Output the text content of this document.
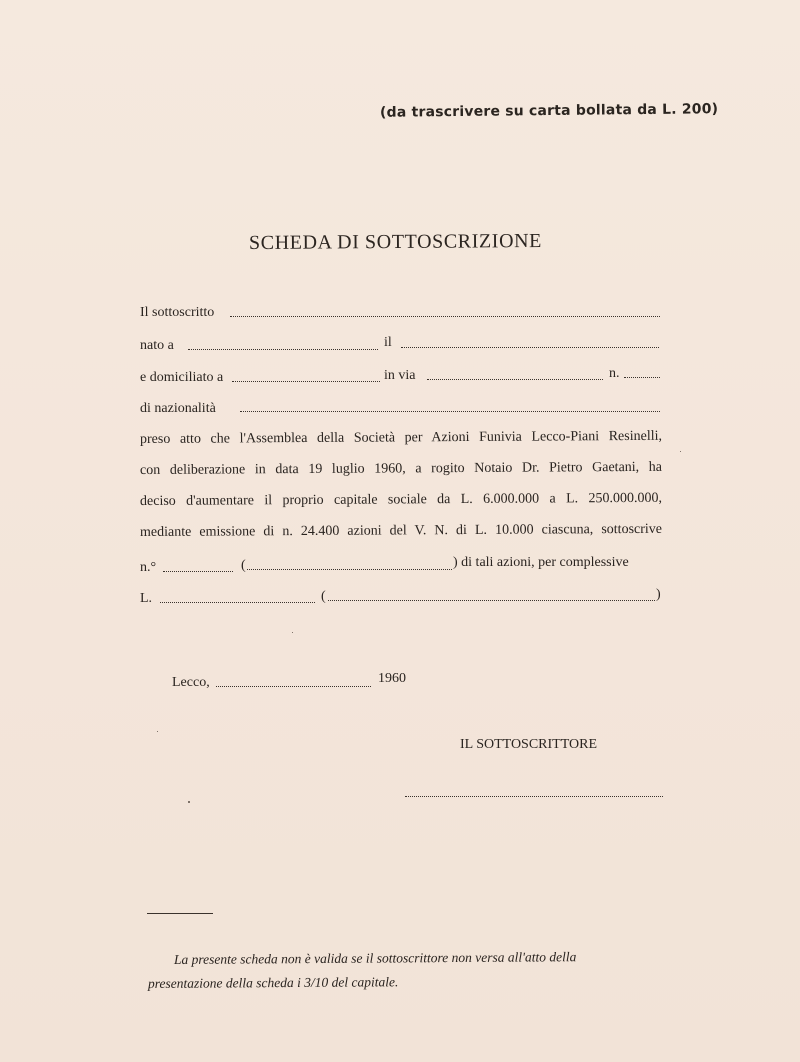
(da trascrivere su carta bollata da L. 200)
SCHEDA DI SOTTOSCRIZIONE
Il sottoscritto
nato a	il
e domiciliato a	in via	n.
di nazionalità
preso atto che l'Assemblea della Società per Azioni Funivia Lecco-Piani Resinelli,
con deliberazione in data 19 luglio 1960, a rogito Notaio Dr. Pietro Gaetani, ha
deciso d'aumentare il proprio capitale sociale da L. 6.000.000 a L. 250.000.000,
mediante emissione di n. 24.400 azioni del V. N. di L. 10.000 ciascuna, sottoscrive
n.°	(	) di tali azioni, per complessive
L.	(	)
Lecco,	1960
IL SOTTOSCRITTORE
La presente scheda non è valida se il sottoscrittore non versa all'atto della
presentazione della scheda i 3/10 del capitale.
